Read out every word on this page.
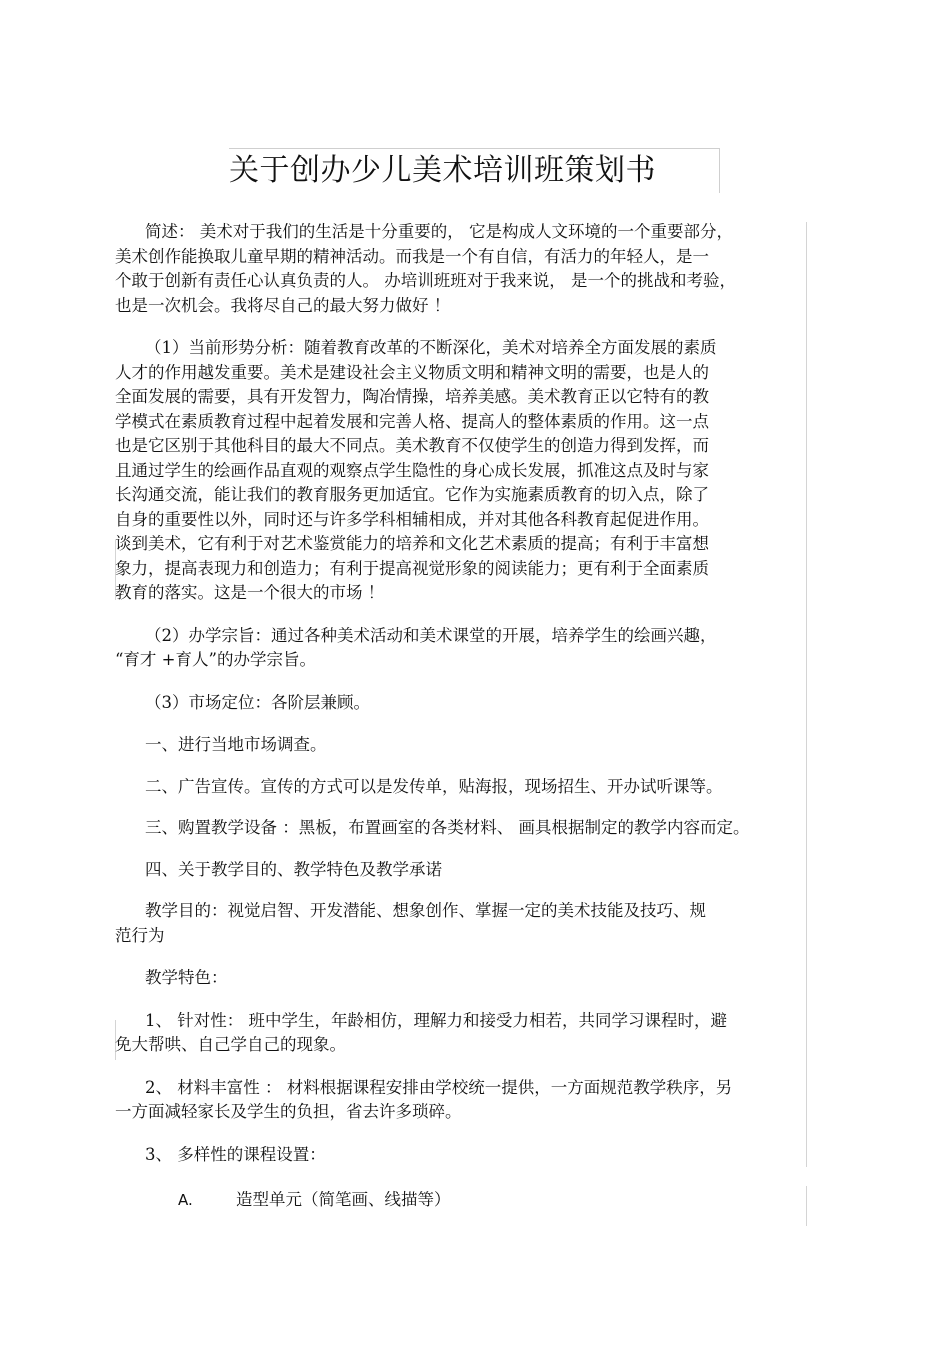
关于创办少儿美术培训班策划书

简述： 美术对于我们的生活是十分重要的， 它是构成人文环境的一个重要部分，
美术创作能换取儿童早期的精神活动。而我是一个有自信，有活力的年轻人，是一
个敢于创新有责任心认真负责的人。 办培训班班对于我来说， 是一个的挑战和考验，
也是一次机会。我将尽自己的最大努力做好 ！

（1）当前形势分析：随着教育改革的不断深化，美术对培养全方面发展的素质
人才的作用越发重要。美术是建设社会主义物质文明和精神文明的需要，也是人的
全面发展的需要，具有开发智力，陶冶情操，培养美感。美术教育正以它特有的教
学模式在素质教育过程中起着发展和完善人格、提高人的整体素质的作用。这一点
也是它区别于其他科目的最大不同点。美术教育不仅使学生的创造力得到发挥，而
且通过学生的绘画作品直观的观察点学生隐性的身心成长发展，抓准这点及时与家
长沟通交流，能让我们的教育服务更加适宜。它作为实施素质教育的切入点，除了
自身的重要性以外，同时还与许多学科相辅相成，并对其他各科教育起促进作用。
谈到美术，它有利于对艺术鉴赏能力的培养和文化艺术素质的提高；有利于丰富想
象力，提高表现力和创造力；有利于提高视觉形象的阅读能力；更有利于全面素质
教育的落实。这是一个很大的市场 ！

（2）办学宗旨：通过各种美术活动和美术课堂的开展，培养学生的绘画兴趣，
“育才 +育人”的办学宗旨。

（3）市场定位：各阶层兼顾。

一、进行当地市场调查。

二、广告宣传。宣传的方式可以是发传单，贴海报，现场招生、开办试听课等。

三、购置教学设备 ：黑板，布置画室的各类材料、 画具根据制定的教学内容而定。

四、关于教学目的、教学特色及教学承诺

教学目的：视觉启智、开发潜能、想象创作、掌握一定的美术技能及技巧、规
范行为

教学特色：

1、 针对性： 班中学生，年龄相仿，理解力和接受力相若，共同学习课程时，避
免大帮哄、自己学自己的现象。

2、 材料丰富性 ： 材料根据课程安排由学校统一提供，一方面规范教学秩序，另
一方面减轻家长及学生的负担，省去许多琐碎。

3、 多样性的课程设置：

A.	造型单元（简笔画、线描等）
